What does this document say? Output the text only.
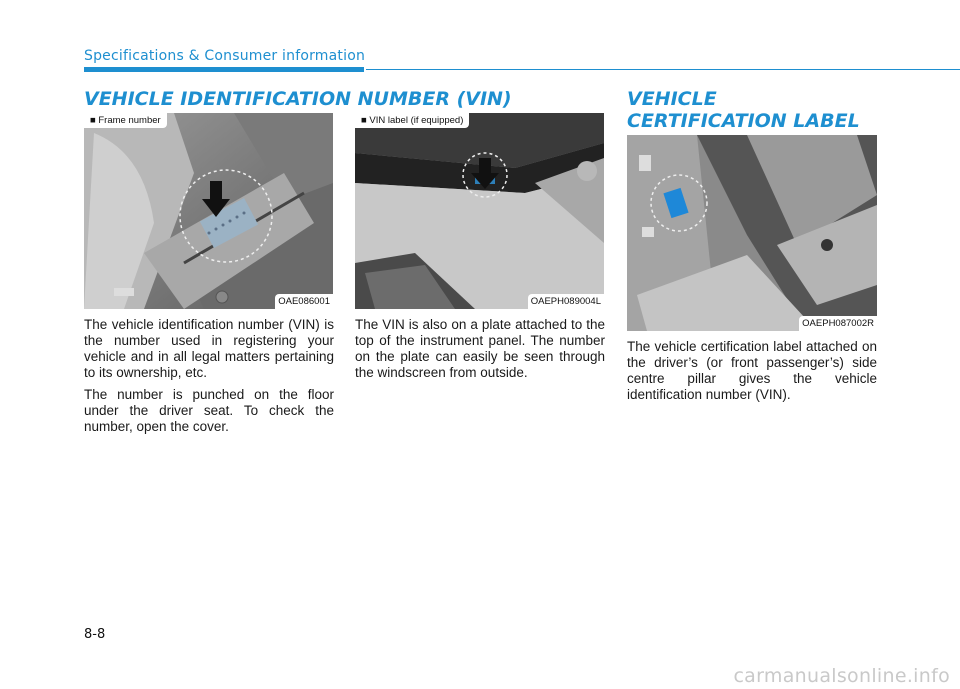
Specifications & Consumer information
VEHICLE IDENTIFICATION NUMBER (VIN)	VEHICLE CERTIFICATION LABEL
■ Frame number
OAE086001
■ VIN label (if equipped)
OAEPH089004L
OAEPH087002R

The vehicle identification number (VIN) is the number used in registering your vehicle and in all legal matters pertaining to its ownership, etc.

The number is punched on the floor under the driver seat. To check the number, open the cover.

The VIN is also on a plate attached to the top of the instrument panel. The number on the plate can easily be seen through the windscreen from outside.

The vehicle certification label attached on the driver’s (or front passenger’s) side centre pillar gives the vehicle identification number (VIN).

8-8
carmanualsonline.info
